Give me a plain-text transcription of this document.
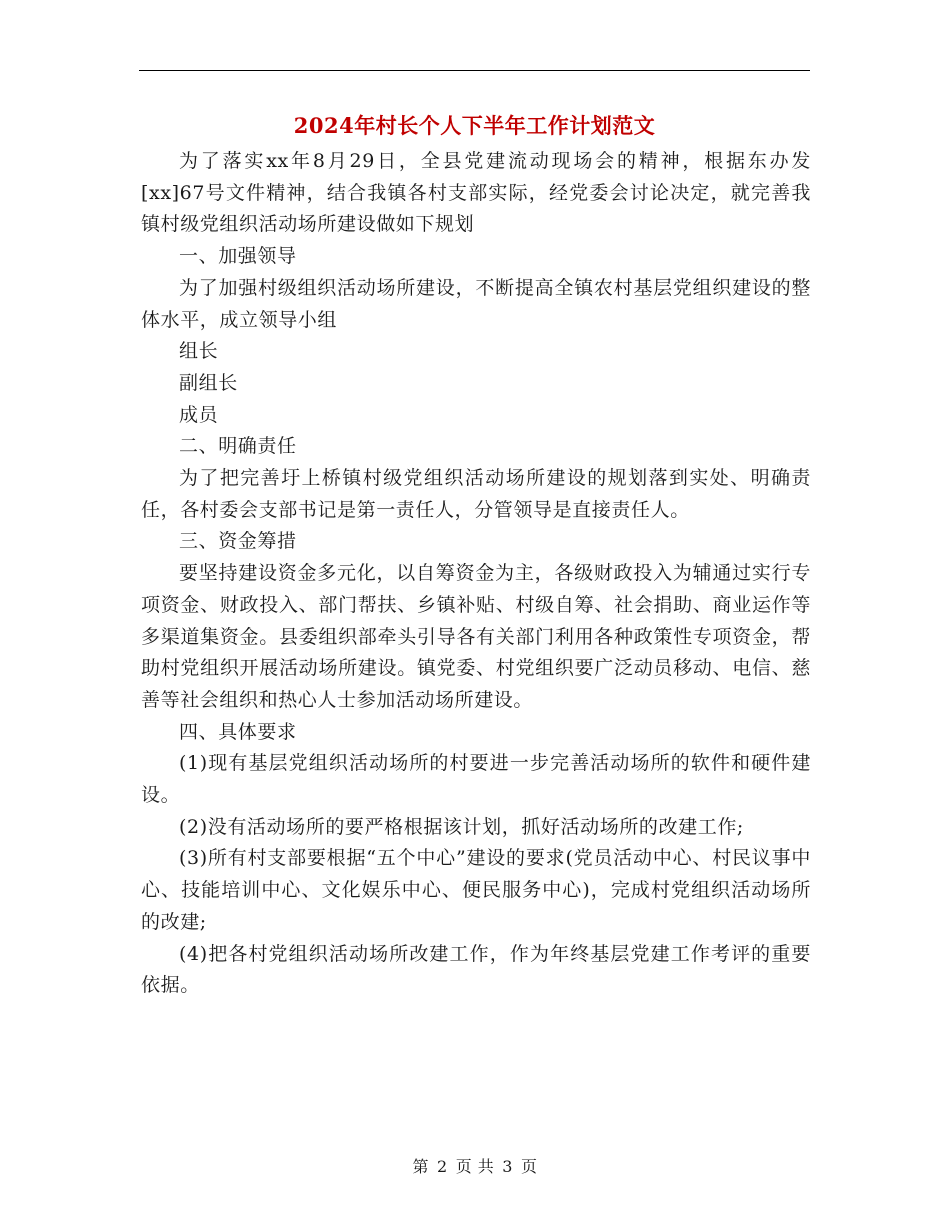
2024年村长个人下半年工作计划范文

为了落实xx年8月29日，全县党建流动现场会的精神，根据东办发[xx]67号文件精神，结合我镇各村支部实际，经党委会讨论决定，就完善我镇村级党组织活动场所建设做如下规划

一、加强领导

为了加强村级组织活动场所建设，不断提高全镇农村基层党组织建设的整体水平，成立领导小组

组长

副组长

成员

二、明确责任

为了把完善圩上桥镇村级党组织活动场所建设的规划落到实处、明确责任，各村委会支部书记是第一责任人，分管领导是直接责任人。

三、资金筹措

要坚持建设资金多元化，以自筹资金为主，各级财政投入为辅通过实行专项资金、财政投入、部门帮扶、乡镇补贴、村级自筹、社会捐助、商业运作等多渠道集资金。县委组织部牵头引导各有关部门利用各种政策性专项资金，帮助村党组织开展活动场所建设。镇党委、村党组织要广泛动员移动、电信、慈善等社会组织和热心人士参加活动场所建设。

四、具体要求

(1)现有基层党组织活动场所的村要进一步完善活动场所的软件和硬件建设。

(2)没有活动场所的要严格根据该计划，抓好活动场所的改建工作;

(3)所有村支部要根据“五个中心”建设的要求(党员活动中心、村民议事中心、技能培训中心、文化娱乐中心、便民服务中心)，完成村党组织活动场所的改建;

(4)把各村党组织活动场所改建工作，作为年终基层党建工作考评的重要依据。

第 2 页 共 3 页
